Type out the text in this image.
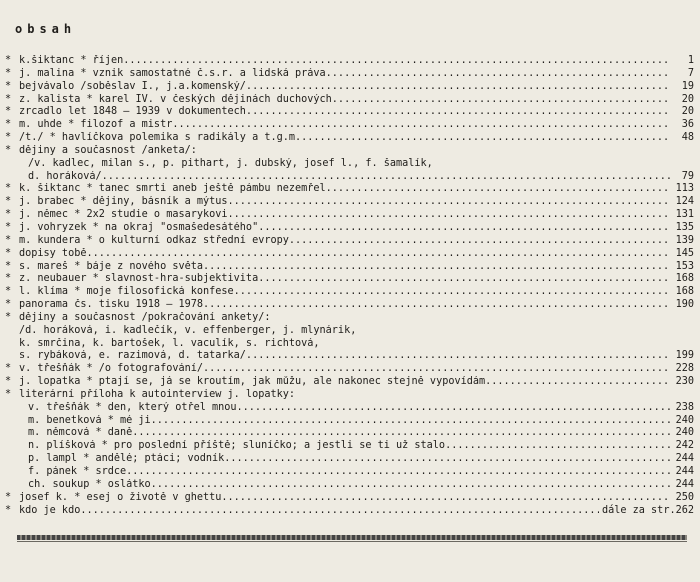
obsah
* k.šiktanc * říjen .....	1
* j. malina * vznik samostatné č.s.r. a lidská práva .....	7
* bejvávalo /soběslav I., j.a.komenský/ .....	19
* z. kalista * karel IV. v českých dějinách duchových .....	20
* zrcadlo let 1848 – 1939 v dokumentech .....	20
* m. uhde * filozof a mistr .....	36
* /t./ * havlíčkova polemika s radikály a t.g.m. .....	48
* dějiny a současnost /anketa/:
/v. kadlec, milan s., p. pithart, j. dubský, josef l., f. šamalík,
d. horáková/ .....	79
* k. šiktanc * tanec smrti aneb ještě pámbu nezemřel .....	113
* j. brabec * dějiny, básník a mýtus .....	124
* j. němec * 2x2 studie o masarykovi .....	131
* j. vohryzek * na okraj "osmašedesátého" .....	135
* m. kundera * o kulturní odkaz střední evropy .....	139
* dopisy tobě .....	145
* s. mareš * báje z nového světa .....	153
* z. neubauer * slavnost-hra-subjektivita .....	168
* l. klíma * moje filosofická konfese .....	168
* panorama čs. tisku 1918 – 1978 .....	190
* dějiny a současnost /pokračování ankety/:
/d. horáková, i. kadlečík, v. effenberger, j. mlynárik,
k. smrčina, k. bartošek, l. vaculík, s. richtová,
s. rybáková, e. razimová, d. tatarka/ .....	199
* v. třešňák * /o fotografování/ .....	228
* j. lopatka * ptají se, já se kroutím, jak můžu, ale nakonec stejně vypovídám .....	230
* literární příloha k autointerview j. lopatky:
v. třešňák * den, který otřel mnou .....	238
m. benetková * mé ji .....	240
m. němcová * daně .....	240
n. plíšková * pro poslední příště; sluníčko; a jestli se ti už stalo .....	242
p. lampl * andělé; ptáci; vodník .....	244
f. pánek * srdce .....	244
ch. soukup * oslátko .....	244
* josef k. * esej o životě v ghettu .....	250
* kdo je kdo .....	dále za str.262
